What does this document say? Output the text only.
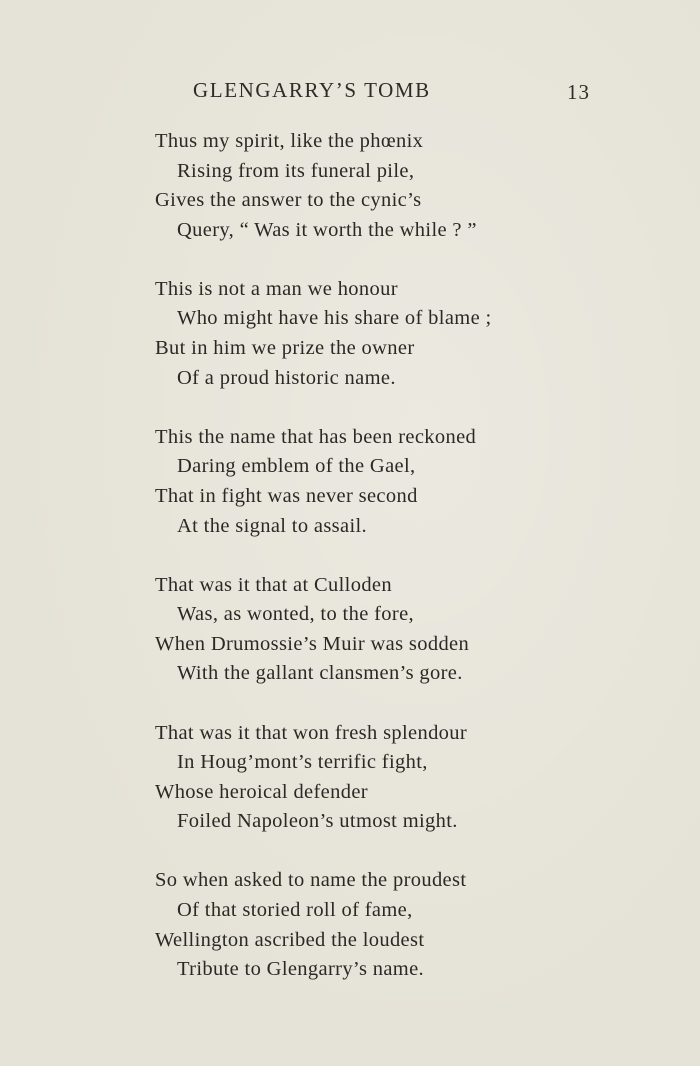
GLENGARRY’S TOMB	13
Thus my spirit, like the phœnix
Rising from its funeral pile,
Gives the answer to the cynic’s
Query, “ Was it worth the while ? ”
This is not a man we honour
Who might have his share of blame ;
But in him we prize the owner
Of a proud historic name.
This the name that has been reckoned
Daring emblem of the Gael,
That in fight was never second
At the signal to assail.
That was it that at Culloden
Was, as wonted, to the fore,
When Drumossie’s Muir was sodden
With the gallant clansmen’s gore.
That was it that won fresh splendour
In Houg’mont’s terrific fight,
Whose heroical defender
Foiled Napoleon’s utmost might.
So when asked to name the proudest
Of that storied roll of fame,
Wellington ascribed the loudest
Tribute to Glengarry’s name.
